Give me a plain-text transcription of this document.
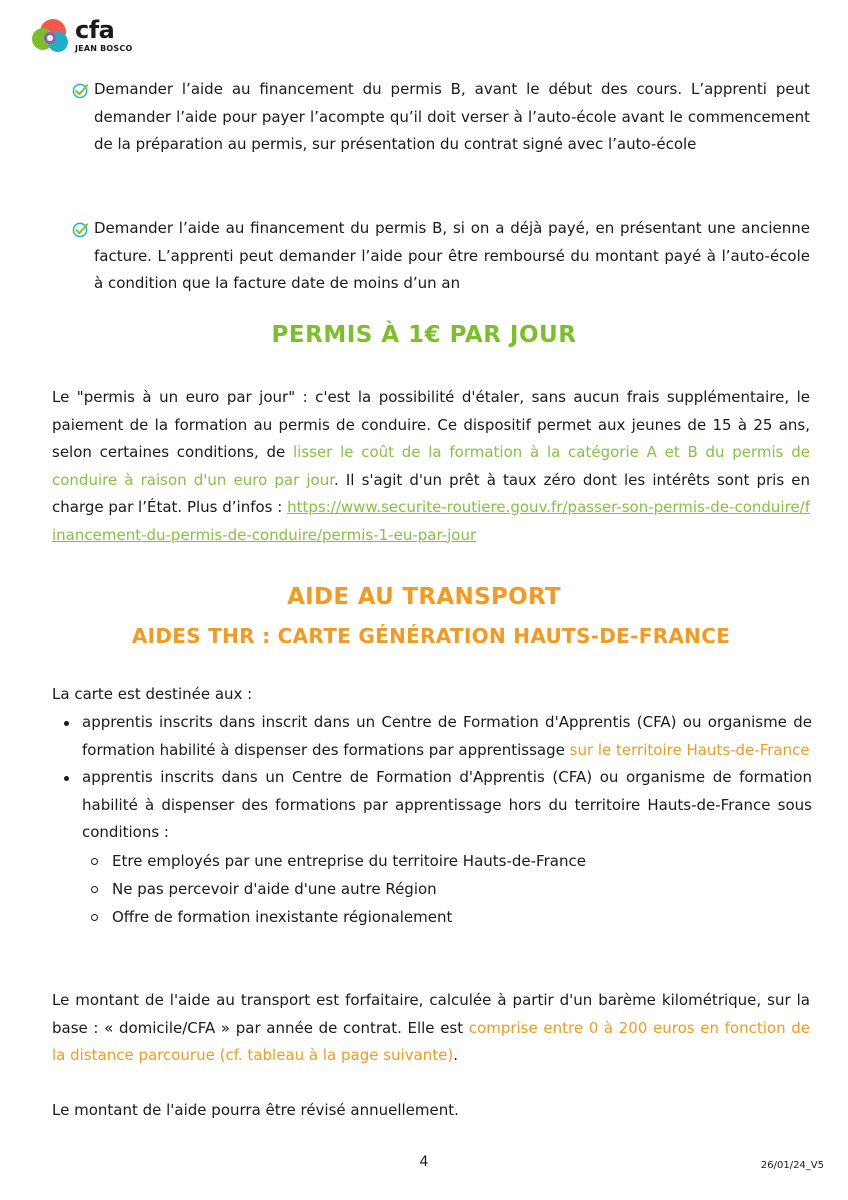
cfa
JEAN BOSCO
Demander l’aide au financement du permis B, avant le début des cours. L’apprenti peut demander l’aide pour payer l’acompte qu’il doit verser à l’auto-école avant le commencement de la préparation au permis, sur présentation du contrat signé avec l’auto-école
Demander l’aide au financement du permis B, si on a déjà payé, en présentant une ancienne facture. L’apprenti peut demander l’aide pour être remboursé du montant payé à l’auto-école à condition que la facture date de moins d’un an
PERMIS À 1€ PAR JOUR

Le "permis à un euro par jour" : c'est la possibilité d'étaler, sans aucun frais supplémentaire, le paiement de la formation au permis de conduire. Ce dispositif permet aux jeunes de 15 à 25 ans, selon certaines conditions, de lisser le coût de la formation à la catégorie A et B du permis de conduire à raison d'un euro par jour. Il s'agit d'un prêt à taux zéro dont les intérêts sont pris en charge par l’État. Plus d’infos : https://www.securite-routiere.gouv.fr/passer-son-permis-de-conduire/financement-du-permis-de-conduire/permis-1-eu-par-jour

AIDE AU TRANSPORT
AIDES THR : CARTE GÉNÉRATION HAUTS-DE-FRANCE

La carte est destinée aux :

apprentis inscrits dans inscrit dans un Centre de Formation d'Apprentis (CFA) ou organisme de formation habilité à dispenser des formations par apprentissage sur le territoire Hauts-de-France
apprentis inscrits dans un Centre de Formation d'Apprentis (CFA) ou organisme de formation habilité à dispenser des formations par apprentissage hors du territoire Hauts-de-France sous conditions :
Etre employés par une entreprise du territoire Hauts-de-France
Ne pas percevoir d'aide d'une autre Région
Offre de formation inexistante régionalement

Le montant de l'aide au transport est forfaitaire, calculée à partir d'un barème kilométrique, sur la base : « domicile/CFA » par année de contrat. Elle est comprise entre 0 à 200 euros en fonction de la distance parcourue (cf. tableau à la page suivante).

Le montant de l'aide pourra être révisé annuellement.

4	26/01/24_V5
